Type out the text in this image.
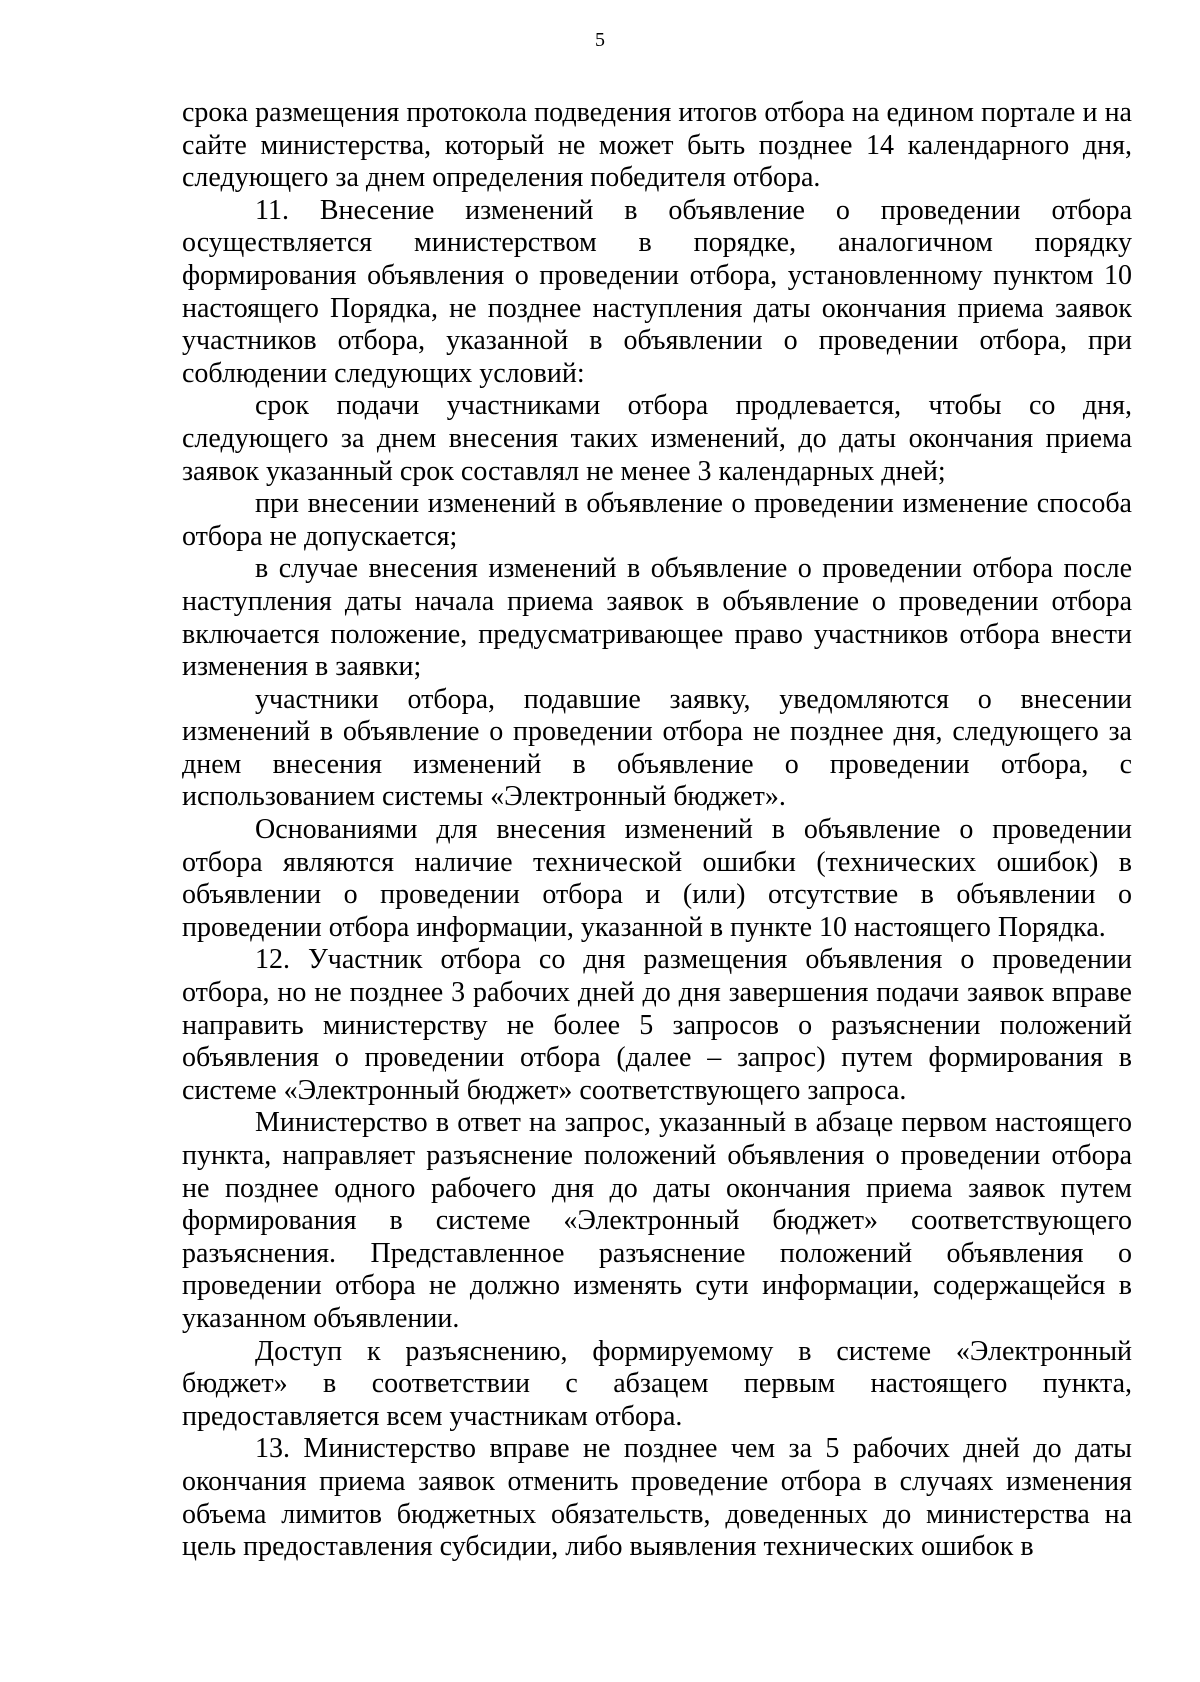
5

срока размещения протокола подведения итогов отбора на едином портале и на сайте министерства, который не может быть позднее 14 календарного дня, следующего за днем определения победителя отбора.

11. Внесение изменений в объявление о проведении отбора осуществляется министерством в порядке, аналогичном порядку формирования объявления о проведении отбора, установленному пунктом 10 настоящего Порядка, не позднее наступления даты окончания приема заявок участников отбора, указанной в объявлении о проведении отбора, при соблюдении следующих условий:

срок подачи участниками отбора продлевается, чтобы со дня, следующего за днем внесения таких изменений, до даты окончания приема заявок указанный срок составлял не менее 3 календарных дней;

при внесении изменений в объявление о проведении изменение способа отбора не допускается;

в случае внесения изменений в объявление о проведении отбора после наступления даты начала приема заявок в объявление о проведении отбора включается положение, предусматривающее право участников отбора внести изменения в заявки;

участники отбора, подавшие заявку, уведомляются о внесении изменений в объявление о проведении отбора не позднее дня, следующего за днем внесения изменений в объявление о проведении отбора, с использованием системы «Электронный бюджет».

Основаниями для внесения изменений в объявление о проведении отбора являются наличие технической ошибки (технических ошибок) в объявлении о проведении отбора и (или) отсутствие в объявлении о проведении отбора информации, указанной в пункте 10 настоящего Порядка.

12. Участник отбора со дня размещения объявления о проведении отбора, но не позднее 3 рабочих дней до дня завершения подачи заявок вправе направить министерству не более 5 запросов о разъяснении положений объявления о проведении отбора (далее – запрос) путем формирования в системе «Электронный бюджет» соответствующего запроса.

Министерство в ответ на запрос, указанный в абзаце первом настоящего пункта, направляет разъяснение положений объявления о проведении отбора не позднее одного рабочего дня до даты окончания приема заявок путем формирования в системе «Электронный бюджет» соответствующего разъяснения. Представленное разъяснение положений объявления о проведении отбора не должно изменять сути информации, содержащейся в указанном объявлении.

Доступ к разъяснению, формируемому в системе «Электронный бюджет» в соответствии с абзацем первым настоящего пункта, предоставляется всем участникам отбора.

13. Министерство вправе не позднее чем за 5 рабочих дней до даты окончания приема заявок отменить проведение отбора в случаях изменения объема лимитов бюджетных обязательств, доведенных до министерства на цель предоставления субсидии, либо выявления технических ошибок в
